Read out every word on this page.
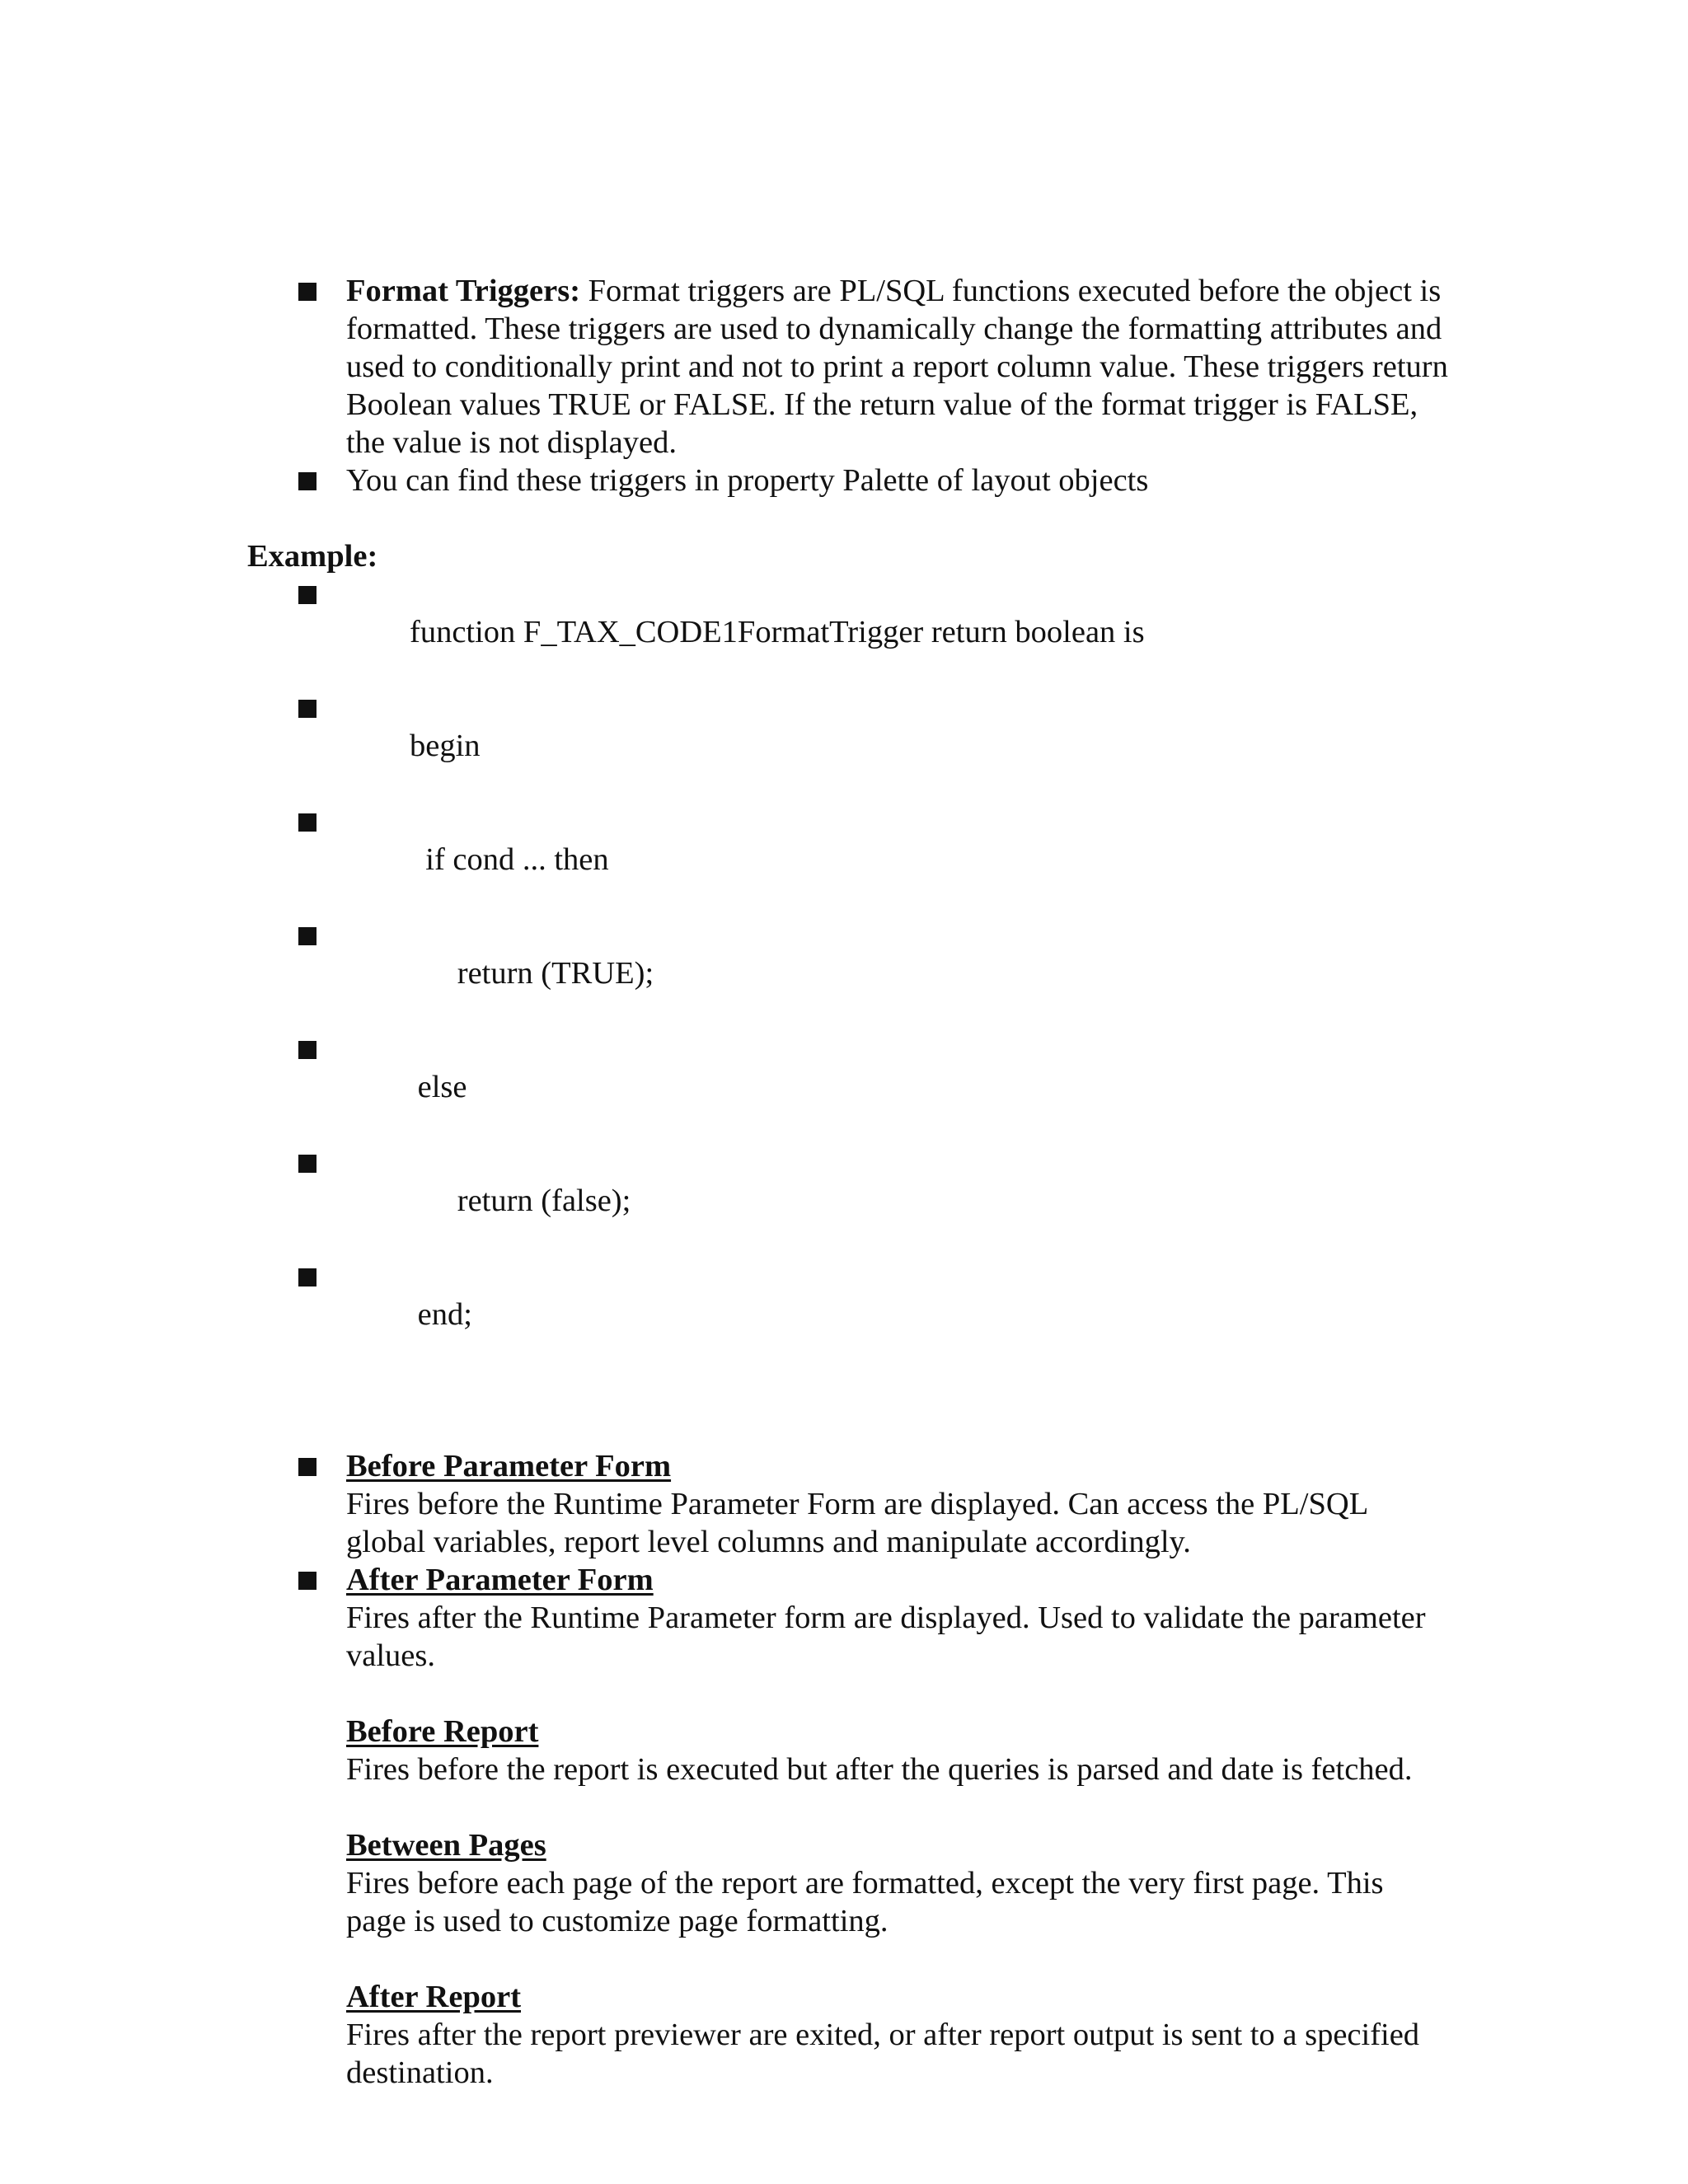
Format Triggers: Format triggers are PL/SQL functions executed before the object is formatted. These triggers are used to dynamically change the formatting attributes and used to conditionally print and not to print a report column value. These triggers return Boolean values TRUE or FALSE. If the return value of the format trigger is FALSE, the value is not displayed.
You can find these triggers in property Palette of layout objects
Example:

function F_TAX_CODE1FormatTrigger return boolean is

begin

if cond ... then

return (TRUE);

else

return (false);

end;

Before Parameter Form
Fires before the Runtime Parameter Form are displayed. Can access the PL/SQL global variables, report level columns and manipulate accordingly.
After Parameter Form
Fires after the Runtime Parameter form are displayed. Used to validate the parameter values.
Before Report
Fires before the report is executed but after the queries is parsed and date is fetched.
Between Pages
Fires before each page of the report are formatted, except the very first page. This page is used to customize page formatting.
After Report
Fires after the report previewer are exited, or after report output is sent to a specified destination.
